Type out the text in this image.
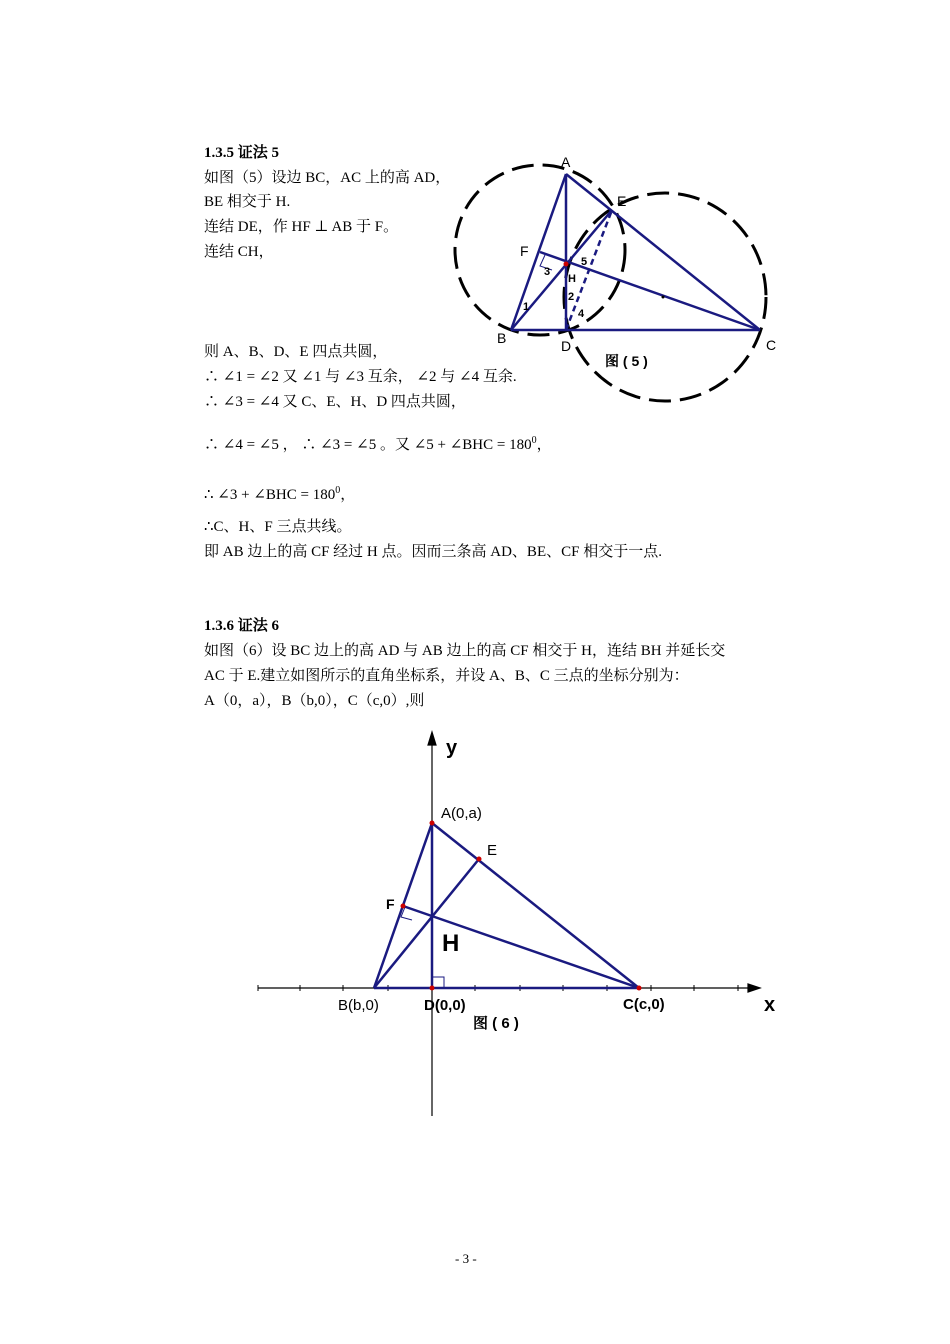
1.3.5 证法 5
如图（5）设边 BC，AC 上的高 AD，
BE 相交于 H.
连结 DE，作 HF ⊥ AB 于 F。
连结 CH，
则 A、B、D、E 四点共圆，
∴ ∠1 = ∠2 又 ∠1 与 ∠3 互余， ∠2 与 ∠4 互余.
∴ ∠3 = ∠4 又 C、E、H、D 四点共圆，
∴ ∠4 = ∠5 ， ∴ ∠3 = ∠5 。又 ∠5 + ∠BHC = $180^0$，
∴ ∠3 + ∠BHC = $180^0$，
∴C、H、F 三点共线。
即 AB 边上的高 CF 经过 H 点。因而三条高 AD、BE、CF 相交于一点.
A
E
F
B	D	C
H
1
2
3
4
5
图 ( 5 )
1.3.6 证法 6
如图（6）设 BC 边上的高 AD 与 AB 边上的高 CF 相交于 H，连结 BH 并延长交
AC 于 E.建立如图所示的直角坐标系，并设 A、B、C 三点的坐标分别为：
A（0，a），B（b,0），C（c,0）,则
y
x
A(0,a)
E
F
H
B(b,0)	D(0,0)	C(c,0)
图 ( 6 )
- 3 -
